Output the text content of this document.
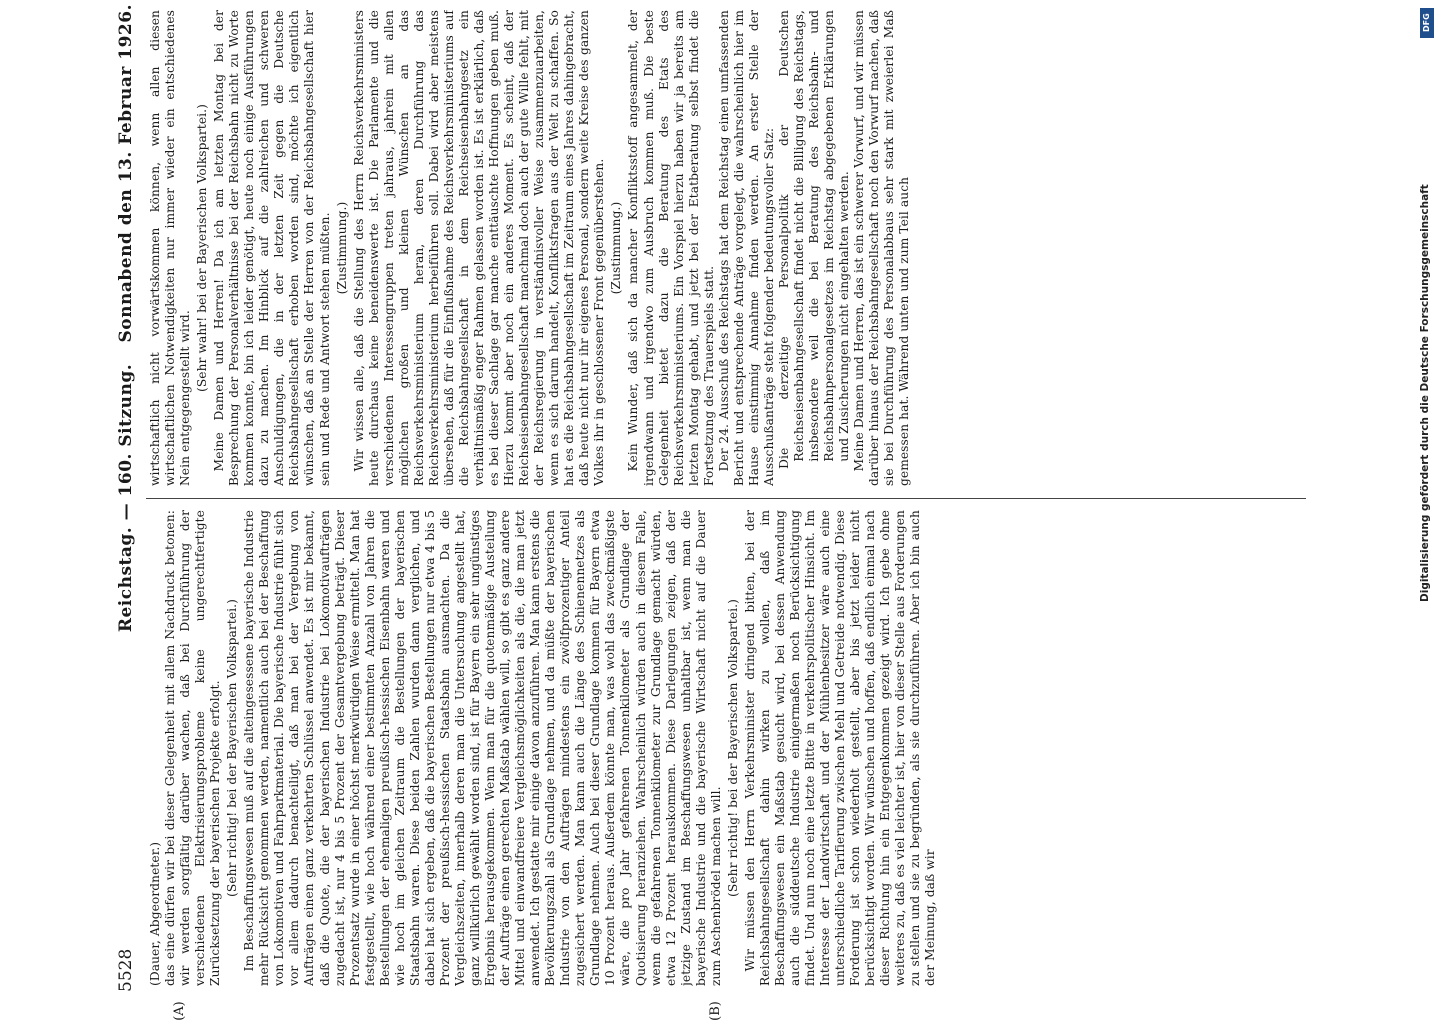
5528
Reichstag. — 160. Sitzung.
Sonnabend den 13. Februar 1926.
(A)	(B)

(Dauer, Abgeordneter.) das eine dürfen wir bei dieser Gelegenheit mit allem Nachdruck betonen: wir werden sorgfältig darüber wachen, daß bei Durchführung der verschiedenen Elektrisierungsprobleme keine ungerechtfertigte Zurücksetzung der bayerischen Projekte erfolgt. (Sehr richtig! bei der Bayerischen Volkspartei.) Im Beschaffungswesen muß auf die alteingesessene bayerische Industrie mehr Rücksicht genommen werden, namentlich auch bei der Beschaffung von Lokomotiven und Fahrparkmaterial. Die bayerische Industrie fühlt sich vor allem dadurch benachteiligt, daß man bei der Vergebung von Aufträgen einen ganz verkehrten Schlüssel anwendet. Es ist mir bekannt, daß die Quote, die der bayerischen Industrie bei Lokomotivaufträgen zugedacht ist, nur 4 bis 5 Prozent der Gesamtvergebung beträgt. Dieser Prozentsatz wurde in einer höchst merkwürdigen Weise ermittelt. Man hat festgestellt, wie hoch während einer bestimmten Anzahl von Jahren die Bestellungen der ehemaligen preußisch-hessischen Eisenbahn waren und wie hoch im gleichen Zeitraum die Bestellungen der bayerischen Staatsbahn waren. Diese beiden Zahlen wurden dann verglichen, und dabei hat sich ergeben, daß die bayerischen Bestellungen nur etwa 4 bis 5 Prozent der preußisch-hessischen Staatsbahn ausmachten. Da die Vergleichszeiten, innerhalb deren man die Untersuchung angestellt hat, ganz willkürlich gewählt worden sind, ist für Bayern ein sehr ungünstiges Ergebnis herausgekommen. Wenn man für die quotenmäßige Austeilung der Aufträge einen gerechten Maßstab wählen will, so gibt es ganz andere Mittel und einwandfreiere Vergleichsmöglichkeiten als die, die man jetzt anwendet. Ich gestatte mir einige davon anzuführen. Man kann erstens die Bevölkerungszahl als Grundlage nehmen, und da müßte der bayerischen Industrie von den Aufträgen mindestens ein zwölfprozentiger Anteil zugesichert werden. Man kann auch die Länge des Schienennetzes als Grundlage nehmen. Auch bei dieser Grundlage kommen für Bayern etwa 10 Prozent heraus. Außerdem könnte man, was wohl das zweckmäßigste wäre, die pro Jahr gefahrenen Tonnenkilometer als Grundlage der Quotisierung heranziehen. Wahrscheinlich würden auch in diesem Falle, wenn die gefahrenen Tonnenkilometer zur Grundlage gemacht würden, etwa 12 Prozent herauskommen. Diese Darlegungen zeigen, daß der jetzige Zustand im Beschaffungswesen unhaltbar ist, wenn man die bayerische Industrie und die bayerische Wirtschaft nicht auf die Dauer zum Aschenbrödel machen will. (Sehr richtig! bei der Bayerischen Volkspartei.) Wir müssen den Herrn Verkehrsminister dringend bitten, bei der Reichsbahngesellschaft dahin wirken zu wollen, daß im Beschaffungswesen ein Maßstab gesucht wird, bei dessen Anwendung auch die süddeutsche Industrie einigermaßen noch Berücksichtigung findet. Und nun noch eine letzte Bitte in verkehrspolitischer Hinsicht. Im Interesse der Landwirtschaft und der Mühlenbesitzer wäre auch eine unterschiedliche Tarifierung zwischen Mehl und Getreide notwendig. Diese Forderung ist schon wiederholt gestellt, aber bis jetzt leider nicht berücksichtigt worden. Wir wünschen und hoffen, daß endlich einmal nach dieser Richtung hin ein Entgegenkommen gezeigt wird. Ich gebe ohne weiteres zu, daß es viel leichter ist, hier von dieser Stelle aus Forderungen zu stellen und sie zu begründen, als sie durchzuführen. Aber ich bin auch der Meinung, daß wir

wirtschaftlich nicht vorwärtskommen können, wenn allen diesen wirtschaftlichen Notwendigkeiten nur immer wieder ein entschiedenes Nein entgegengestellt wird.

(Sehr wahr! bei der Bayerischen Volkspartei.) Meine Damen und Herren! Da ich am letzten Montag bei der Besprechung der Personalverhältnisse bei der Reichsbahn nicht zu Worte kommen konnte, bin ich leider genötigt, heute noch einige Ausführungen dazu zu machen. Im Hinblick auf die zahlreichen und schweren Anschuldigungen, die in der letzten Zeit gegen die Deutsche Reichsbahngesellschaft erhoben worden sind, möchte ich eigentlich wünschen, daß an Stelle der Herren von der Reichsbahngesellschaft hier sein und Rede und Antwort stehen müßten. (Zustimmung.) Wir wissen alle, daß die Stellung des Herrn Reichsverkehrsministers heute durchaus keine beneidenswerte ist. Die Parlamente und die verschiedenen Interessengruppen treten jahraus, jahrein mit allen möglichen großen und kleinen Wünschen an das Reichsverkehrsministerium heran, deren Durchführung das Reichsverkehrsministerium herbeiführen soll. Dabei wird aber meistens übersehen, daß für die Einflußnahme des Reichsverkehrsministeriums auf die Reichsbahngesellschaft in dem Reichseisenbahngesetz ein verhältnismäßig enger Rahmen gelassen worden ist. Es ist erklärlich, daß es bei dieser Sachlage gar manche enttäuschte Hoffnungen geben muß. Hierzu kommt aber noch ein anderes Moment. Es scheint, daß der Reichseisenbahngesellschaft manchmal doch auch der gute Wille fehlt, mit der Reichsregierung in verständnisvoller Weise zusammenzuarbeiten, wenn es sich darum handelt, Konfliktsfragen aus der Welt zu schaffen. So hat es die Reichsbahngesellschaft im Zeitraum eines Jahres dahingebracht, daß heute nicht nur ihr eigenes Personal, sondern weite Kreise des ganzen Volkes ihr in geschlossener Front gegenüberstehen. (Zustimmung.) Kein Wunder, daß sich da mancher Konfliktsstoff angesammelt, der irgendwann und irgendwo zum Ausbruch kommen muß. Die beste Gelegenheit bietet dazu die Beratung des Etats des Reichsverkehrsministeriums. Ein Vorspiel hierzu haben wir ja bereits am letzten Montag gehabt, und jetzt bei der Etatberatung selbst findet die Fortsetzung des Trauerspiels statt. Der 24. Ausschuß des Reichstags hat dem Reichstag einen umfassenden Bericht und entsprechende Anträge vorgelegt, die wahrscheinlich hier im Hause einstimmig Annahme finden werden. An erster Stelle der Ausschußanträge steht folgender bedeutungsvoller Satz: Die derzeitige Personalpolitik der Deutschen Reichseisenbahngesellschaft findet nicht die Billigung des Reichstags, insbesondere weil die bei Beratung des Reichsbahn- und Reichsbahnpersonalgesetzes im Reichstag abgegebenen Erklärungen und Zusicherungen nicht eingehalten werden. Meine Damen und Herren, das ist ein schwerer Vorwurf, und wir müssen darüber hinaus der Reichsbahngesellschaft noch den Vorwurf machen, daß sie bei Durchführung des Personalabbaus sehr stark mit zweierlei Maß gemessen hat. Während unten und zum Teil auch

DFG
Digitalisierung gefördert durch die Deutsche Forschungsgemeinschaft
